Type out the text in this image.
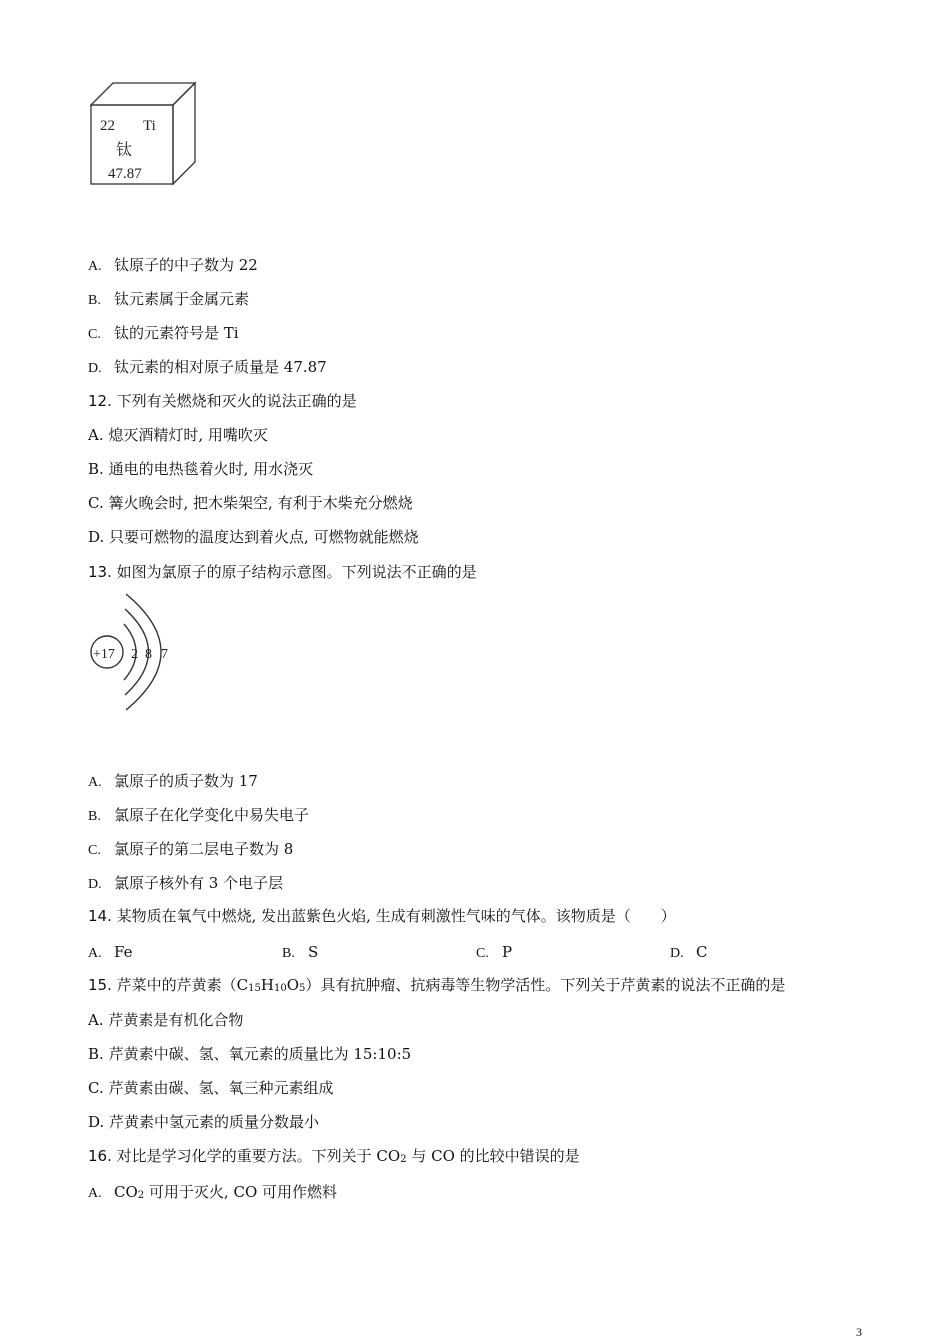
22 Ti
钛
47.87
A. 钛原子的中子数为 22
B. 钛元素属于金属元素
C. 钛的元素符号是 Ti
D. 钛元素的相对原子质量是 47.87
12. 下列有关燃烧和灭火的说法正确的是
A. 熄灭酒精灯时, 用嘴吹灭
B. 通电的电热毯着火时, 用水浇灭
C. 篝火晚会时, 把木柴架空, 有利于木柴充分燃烧
D. 只要可燃物的温度达到着火点, 可燃物就能燃烧
13. 如图为氯原子的原子结构示意图。下列说法不正确的是
+17 2 8 7
A. 氯原子的质子数为 17
B. 氯原子在化学变化中易失电子
C. 氯原子的第二层电子数为 8
D. 氯原子核外有 3 个电子层
14. 某物质在氧气中燃烧, 发出蓝紫色火焰, 生成有刺激性气味的气体。该物质是（　　）
A. Fe	B. S	C. P	D. C
15. 芹菜中的芹黄素（C15H10O5）具有抗肿瘤、抗病毒等生物学活性。下列关于芹黄素的说法不正确的是
A. 芹黄素是有机化合物
B. 芹黄素中碳、氢、氧元素的质量比为 15:10:5
C. 芹黄素由碳、氢、氧三种元素组成
D. 芹黄素中氢元素的质量分数最小
16. 对比是学习化学的重要方法。下列关于 CO2 与 CO 的比较中错误的是
A. CO2 可用于灭火, CO 可用作燃料
3
